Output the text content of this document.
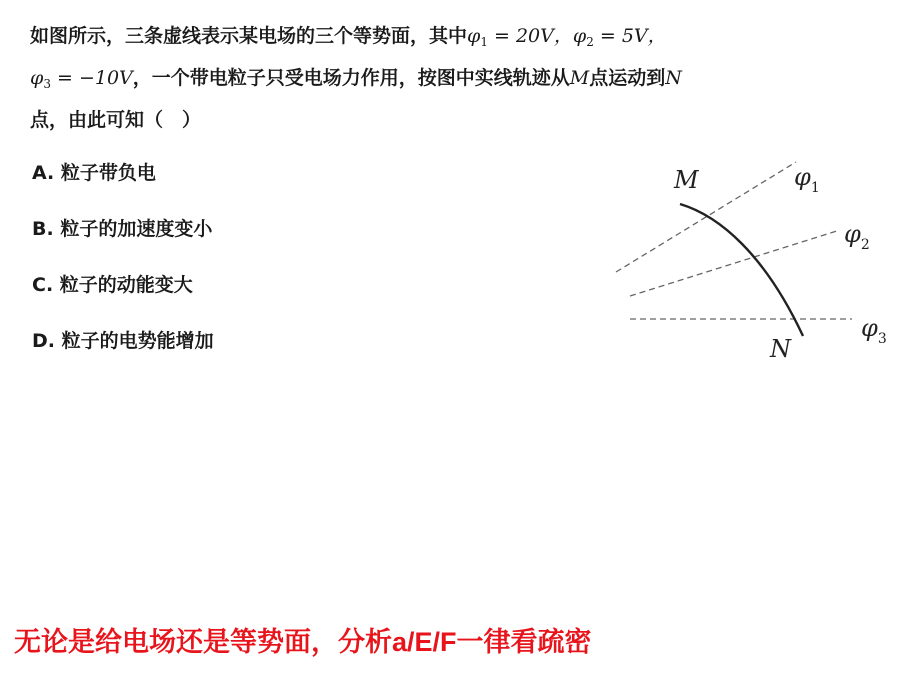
如图所示，三条虚线表示某电场的三个等势面，其中$\varphi_1 = 20V$，$\varphi_2 = 5V$，
$\varphi_3 = -10V$，一个带电粒子只受电场力作用，按图中实线轨迹从M点运动到N
点，由此可知（　）
A. 粒子带负电
B. 粒子的加速度变小
C. 粒子的动能变大
D. 粒子的电势能增加
M
N
$\varphi_1$
$\varphi_2$
$\varphi_3$
无论是给电场还是等势面，分析a/E/F一律看疏密
